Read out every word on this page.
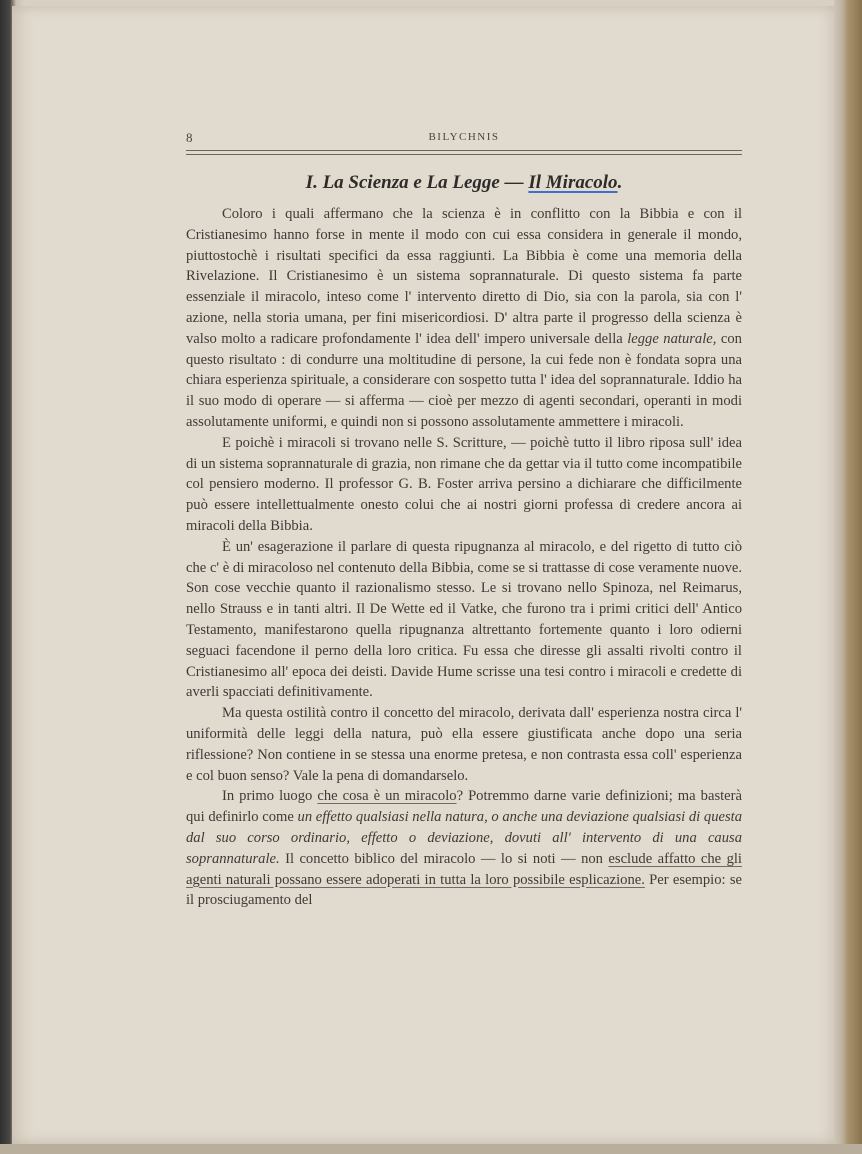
8	BILYCHNIS
I. La Scienza e La Legge — Il Miracolo.

Coloro i quali affermano che la scienza è in conflitto con la Bibbia e con il Cristianesimo hanno forse in mente il modo con cui essa considera in generale il mondo, piuttostochè i risultati specifici da essa raggiunti. La Bibbia è come una memoria della Rivelazione. Il Cristianesimo è un sistema soprannaturale. Di questo sistema fa parte essenziale il miracolo, inteso come l' intervento diretto di Dio, sia con la parola, sia con l' azione, nella storia umana, per fini misericordiosi. D' altra parte il progresso della scienza è valso molto a radicare profondamente l' idea dell' impero universale della legge naturale, con questo risultato : di condurre una moltitudine di persone, la cui fede non è fondata sopra una chiara esperienza spirituale, a considerare con sospetto tutta l' idea del soprannaturale. Iddio ha il suo modo di operare — si afferma — cioè per mezzo di agenti secondari, operanti in modi assolutamente uniformi, e quindi non si possono assolutamente ammettere i miracoli.

E poichè i miracoli si trovano nelle S. Scritture, — poichè tutto il libro riposa sull' idea di un sistema soprannaturale di grazia, non rimane che da gettar via il tutto come incompatibile col pensiero moderno. Il professor G. B. Foster arriva persino a dichiarare che difficilmente può essere intellettualmente onesto colui che ai nostri giorni professa di credere ancora ai miracoli della Bibbia.

È un' esagerazione il parlare di questa ripugnanza al miracolo, e del rigetto di tutto ciò che c' è di miracoloso nel contenuto della Bibbia, come se si trattasse di cose veramente nuove. Son cose vecchie quanto il razionalismo stesso. Le si trovano nello Spinoza, nel Reimarus, nello Strauss e in tanti altri. Il De Wette ed il Vatke, che furono tra i primi critici dell' Antico Testamento, manifestarono quella ripugnanza altrettanto fortemente quanto i loro odierni seguaci facendone il perno della loro critica. Fu essa che diresse gli assalti rivolti contro il Cristianesimo all' epoca dei deisti. Davide Hume scrisse una tesi contro i miracoli e credette di averli spacciati definitivamente.

Ma questa ostilità contro il concetto del miracolo, derivata dall' esperienza nostra circa l' uniformità delle leggi della natura, può ella essere giustificata anche dopo una seria riflessione? Non contiene in se stessa una enorme pretesa, e non contrasta essa coll' esperienza e col buon senso? Vale la pena di domandarselo.

In primo luogo che cosa è un miracolo? Potremmo darne varie definizioni; ma basterà qui definirlo come un effetto qualsiasi nella natura, o anche una deviazione qualsiasi di questa dal suo corso ordinario, effetto o deviazione, dovuti all' intervento di una causa soprannaturale. Il concetto biblico del miracolo — lo si noti — non esclude affatto che gli agenti naturali possano essere adoperati in tutta la loro possibile esplicazione. Per esempio: se il prosciugamento del
